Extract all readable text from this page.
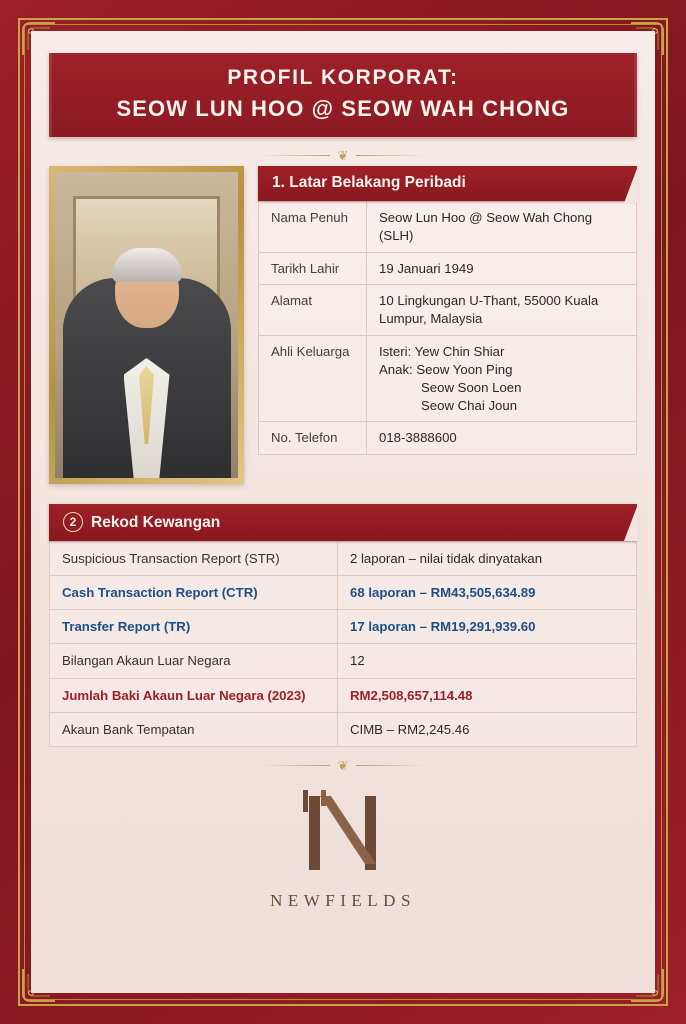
PROFIL KORPORAT:
SEOW LUN HOO @ SEOW WAH CHONG
❦
1. Latar Belakang Peribadi
Nama Penuh	Seow Lun Hoo @ Seow Wah Chong (SLH)
Tarikh Lahir	19 Januari 1949
Alamat	10 Lingkungan U-Thant, 55000 Kuala Lumpur, Malaysia
Ahli Keluarga	Isteri: Yew Chin Shiar
Anak: Seow Yoon Ping

Seow Soon Loen
Seow Chai Joun

No. Telefon	018-3888600
2 Rekod Kewangan
Suspicious Transaction Report (STR)	2 laporan – nilai tidak dinyatakan
Cash Transaction Report (CTR)	68 laporan – RM43,505,634.89
Transfer Report (TR)	17 laporan – RM19,291,939.60
Bilangan Akaun Luar Negara	12
Jumlah Baki Akaun Luar Negara (2023)	RM2,508,657,114.48
Akaun Bank Tempatan	CIMB – RM2,245.46
❦
NEWFIELDS
